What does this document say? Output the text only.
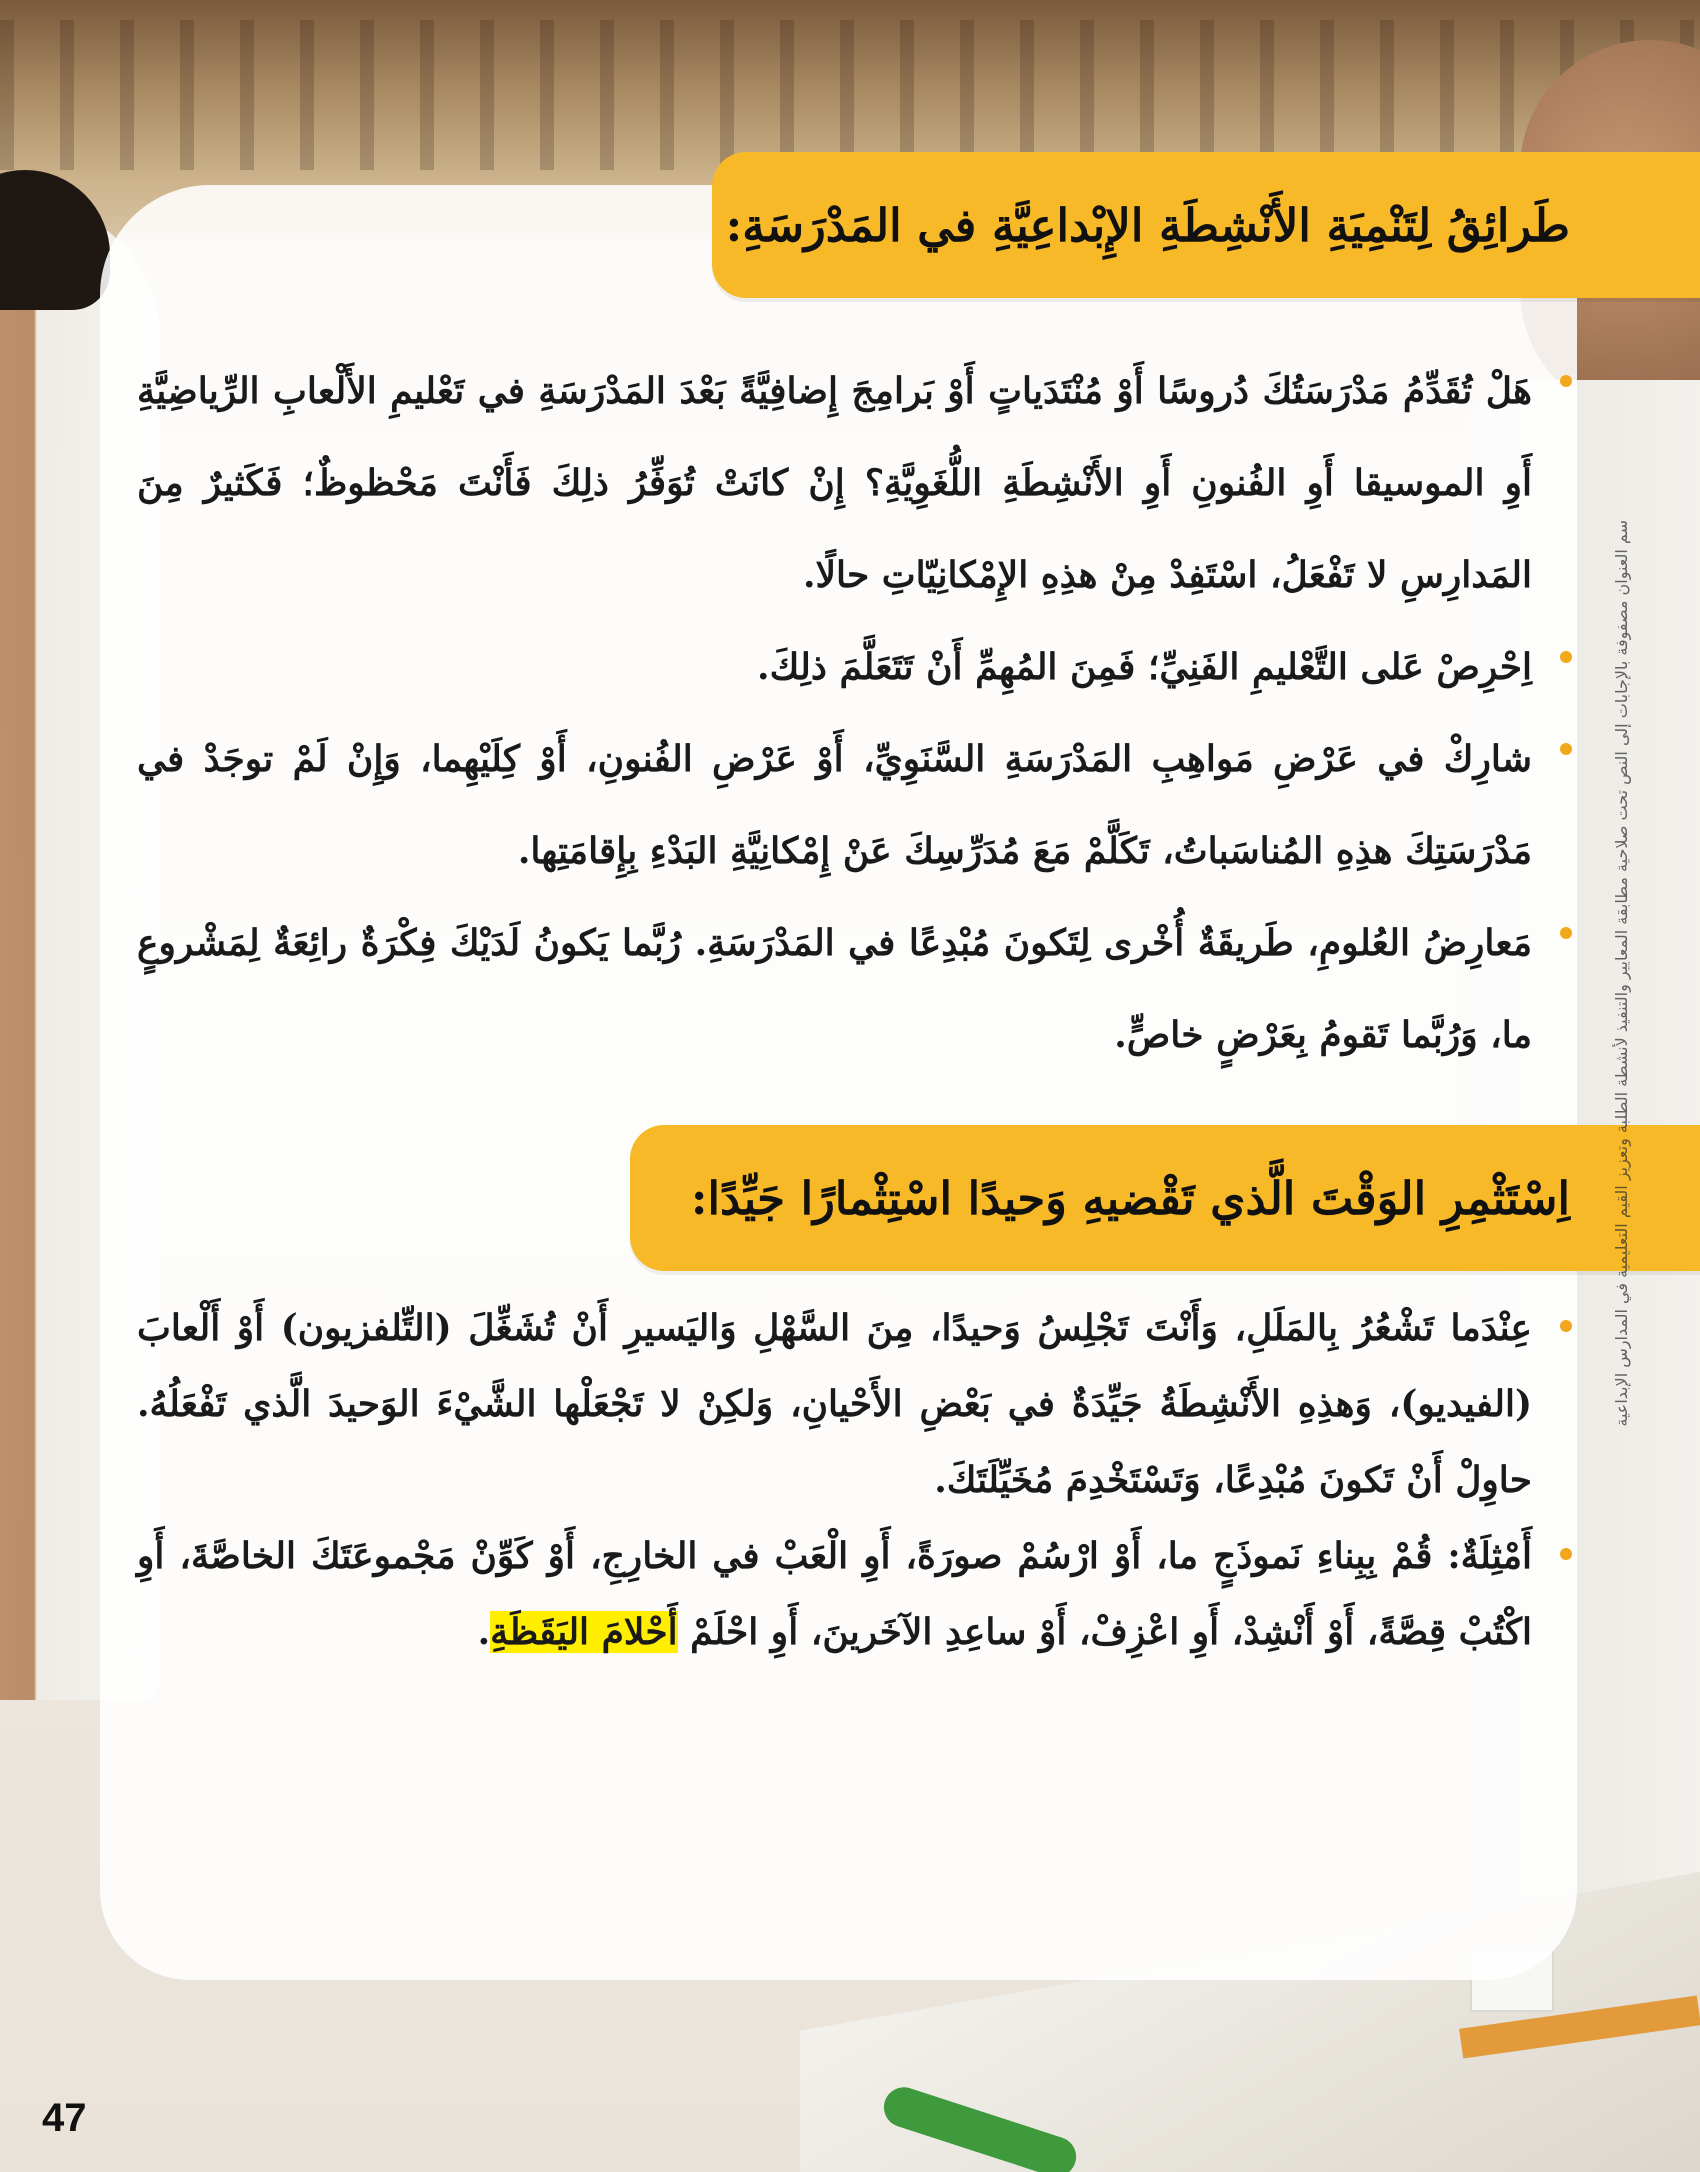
طَرائِقُ لِتَنْمِيَةِ الأَنْشِطَةِ الإِبْداعِيَّةِ في المَدْرَسَةِ:
هَلْ تُقَدِّمُ مَدْرَسَتُكَ دُروسًا أَوْ مُنْتَدَياتٍ أَوْ بَرامِجَ إِضافِيَّةً بَعْدَ المَدْرَسَةِ في تَعْليمِ الأَلْعابِ الرِّياضِيَّةِ أَوِ الموسيقا أَوِ الفُنونِ أَوِ الأَنْشِطَةِ اللُّغَوِيَّةِ؟ إِنْ كانَتْ تُوَفِّرُ ذلِكَ فَأَنْتَ مَحْظوظٌ؛ فَكَثيرٌ مِنَ المَدارِسِ لا تَفْعَلُ، اسْتَفِدْ مِنْ هذِهِ الإِمْكانِيّاتِ حالًا.
اِحْرِصْ عَلى التَّعْليمِ الفَنِيِّ؛ فَمِنَ المُهِمِّ أَنْ تَتَعَلَّمَ ذلِكَ.
شارِكْ في عَرْضِ مَواهِبِ المَدْرَسَةِ السَّنَوِيِّ، أَوْ عَرْضِ الفُنونِ، أَوْ كِلَيْهِما، وَإِنْ لَمْ توجَدْ في مَدْرَسَتِكَ هذِهِ المُناسَباتُ، تَكَلَّمْ مَعَ مُدَرِّسِكَ عَنْ إِمْكانِيَّةِ البَدْءِ بِإِقامَتِها.
مَعارِضُ العُلومِ، طَريقَةٌ أُخْرى لِتَكونَ مُبْدِعًا في المَدْرَسَةِ. رُبَّما يَكونُ لَدَيْكَ فِكْرَةٌ رائِعَةٌ لِمَشْروعٍ ما، وَرُبَّما تَقومُ بِعَرْضٍ خاصٍّ.
اِسْتَثْمِرِ الوَقْتَ الَّذي تَقْضيهِ وَحيدًا اسْتِثْمارًا جَيِّدًا:
عِنْدَما تَشْعُرُ بِالمَلَلِ، وَأَنْتَ تَجْلِسُ وَحيدًا، مِنَ السَّهْلِ وَاليَسيرِ أَنْ تُشَغِّلَ (التِّلفزيون) أَوْ أَلْعابَ (الفيديو)، وَهذِهِ الأَنْشِطَةُ جَيِّدَةٌ في بَعْضِ الأَحْيانِ، وَلكِنْ لا تَجْعَلْها الشَّيْءَ الوَحيدَ الَّذي تَفْعَلُهُ. حاوِلْ أَنْ تَكونَ مُبْدِعًا، وَتَسْتَخْدِمَ مُخَيِّلَتَكَ.
أَمْثِلَةٌ: قُمْ بِبِناءِ نَموذَجٍ ما، أَوْ ارْسُمْ صورَةً، أَوِ الْعَبْ في الخارِجِ، أَوْ كَوِّنْ مَجْموعَتَكَ الخاصَّةَ، أَوِ اكْتُبْ قِصَّةً، أَوْ أَنْشِدْ، أَوِ اعْزِفْ، أَوْ ساعِدِ الآخَرينَ، أَوِ احْلَمْ أَحْلامَ اليَقَظَةِ.
سم العنوان مصفوفة بالإجابات إلى النص تحت صلاحية مطابقة المعايير والتنفيذ لأنشطة الطلبة وتعزيز القيم التعليمية في المدارس الإبداعية
47
